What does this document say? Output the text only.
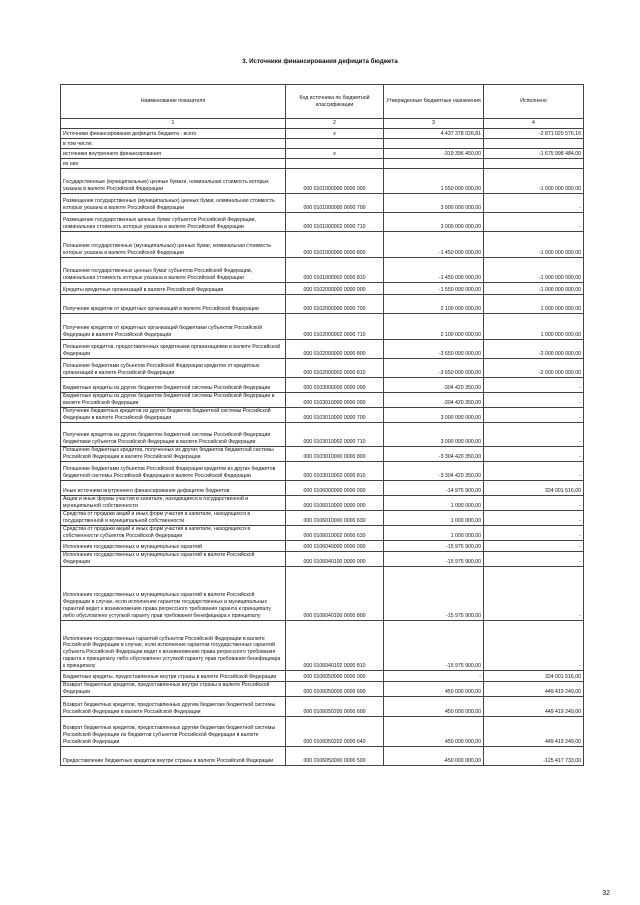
3. Источники финансирования дефицита бюджета
Наименование показателя	Код источника по бюджетной классификации	Утвержденные бюджетные назначения	Исполнено
1	2	3	4
Источники финансирования дефицита бюджета - всего	x	4 437 378 026,81	-2 871 020 576,16
в том числе:			
источники внутреннего финансирования	x	-319 396 450,00	-1 675 998 484,00
из них:			
Государственные (муниципальные) ценные бумаги, номинальная стоимость которых указана в валюте Российской Федерации	000 0101000000 0000 000	1 550 000 000,00	-1 000 000 000,00
Размещение государственных (муниципальных) ценных бумаг, номинальная стоимость которых указана в валюте Российской Федерации	000 0101000000 0000 700	3 000 000 000,00	-
Размещение государственных ценных бумаг субъектов Российской Федерации, номинальная стоимость которых указана в валюте Российской Федерации	000 0101000002 0000 710	3 000 000 000,00	-
Погашение государственных (муниципальных) ценных бумаг, номинальная стоимость которых указана в валюте Российской Федерации	000 0101000000 0000 800	-1 450 000 000,00	-1 000 000 000,00
Погашение государственных ценных бумаг субъектов Российской Федерации, номинальная стоимость которых указана в валюте Российской Федерации	000 0101000002 0000 810	-1 450 000 000,00	-1 000 000 000,00
Кредиты кредитных организаций в валюте Российской Федерации	000 0102000000 0000 000	-1 550 000 000,00	-1 000 000 000,00
Получение кредитов от кредитных организаций в валюте Российской Федерации	000 0102000000 0000 700	2 100 000 000,00	1 000 000 000,00
Получение кредитов от кредитных организаций бюджетами субъектов Российской Федерации в валюте Российской Федерации	000 0102000002 0000 710	2 100 000 000,00	1 000 000 000,00
Погашение кредитов, предоставленных кредитными организациями в валюте Российской Федерации	000 0102000000 0000 800	-3 650 000 000,00	-2 000 000 000,00
Погашение бюджетами субъектов Российской Федерации кредитов от кредитных организаций в валюте Российской Федерации	000 0102000002 0000 810	-3 650 000 000,00	-2 000 000 000,00
Бюджетные кредиты из других бюджетов бюджетной системы Российской Федерации	000 0103000000 0000 000	-304 420 350,00	-
Бюджетные кредиты из других бюджетов бюджетной системы Российской Федерации в валюте Российской Федерации	000 0103010000 0000 000	-304 420 350,00	-
Получение бюджетных кредитов из других бюджетов бюджетной системы Российской Федерации в валюте Российской Федерации	000 0103010000 0000 700	3 000 000 000,00	-
Получение кредитов из других бюджетов бюджетной системы Российской Федерации бюджетами субъектов Российской Федерации в валюте Российской Федерации	000 0103010002 0000 710	3 000 000 000,00	-
Погашение бюджетных кредитов, полученных из других бюджетов бюджетной системы Российской Федерации в валюте Российской Федерации	000 0103010000 0000 800	-3 304 420 350,00	-
Погашение бюджетами субъектов Российской Федерации кредитов из других бюджетов бюджетной системы Российской Федерации в валюте Российской Федерации	000 0103010002 0000 810	-3 304 420 350,00	-
Иные источники внутреннего финансирования дефицитов бюджетов	000 0106000000 0000 000	-14 975 900,00	324 001 516,00
Акции и иные формы участия в капитале, находящиеся в государственной и муниципальной собственности	000 0106010000 0000 000	1 000 000,00	-
Средства от продажи акций и иных форм участия в капитале, находящихся в государственной и муниципальной собственности	000 0106010000 0000 630	1 000 000,00	-
Средства от продажи акций и иных форм участия в капитале, находящихся в собственности субъектов Российской Федерации	000 0106010002 0000 630	1 000 000,00	-
Исполнение государственных и муниципальных гарантий	000 0106040000 0000 000	-15 975 900,00	-
Исполнение государственных и муниципальных гарантий в валюте Российской Федерации	000 0106040100 0000 000	-15 975 900,00	-
Исполнение государственных и муниципальных гарантий в валюте Российской Федерации в случае, если исполнение гарантом государственных и муниципальных гарантий ведет к возникновению права регрессного требования гаранта к принципалу либо обусловлено уступкой гаранту прав требования бенефициара к принципалу	000 0106040100 0000 800	-15 975 900,00	-
Исполнение государственных гарантий субъектов Российской Федерации в валюте Российской Федерации в случае, если исполнение гарантом государственных гарантий субъекта Российской Федерации ведет к возникновению права регрессного требования гаранта к принципалу либо обусловлено уступкой гаранту прав требования бенефициара к принципалу	000 0106040102 0000 810	-15 975 900,00	-
Бюджетные кредиты, предоставленные внутри страны в валюте Российской Федерации	000 0106050000 0000 000	-	324 001 516,00
Возврат бюджетных кредитов, предоставленных внутри страны в валюте Российской Федерации	000 0106050000 0000 600	450 000 000,00	449 419 249,00
Возврат бюджетных кредитов, предоставленных другим бюджетам бюджетной системы Российской Федерации в валюте Российской Федерации	000 0106050200 0000 600	450 000 000,00	449 419 249,00
Возврат бюджетных кредитов, предоставленных другим бюджетам бюджетной системы Российской Федерации из бюджетов субъектов Российской Федерации в валюте Российской Федерации	000 0106050202 0000 640	450 000 000,00	449 419 249,00
Предоставление бюджетных кредитов внутри страны в валюте Российской Федерации	000 0106050000 0000 500	-450 000 000,00	-125 417 733,00
32
